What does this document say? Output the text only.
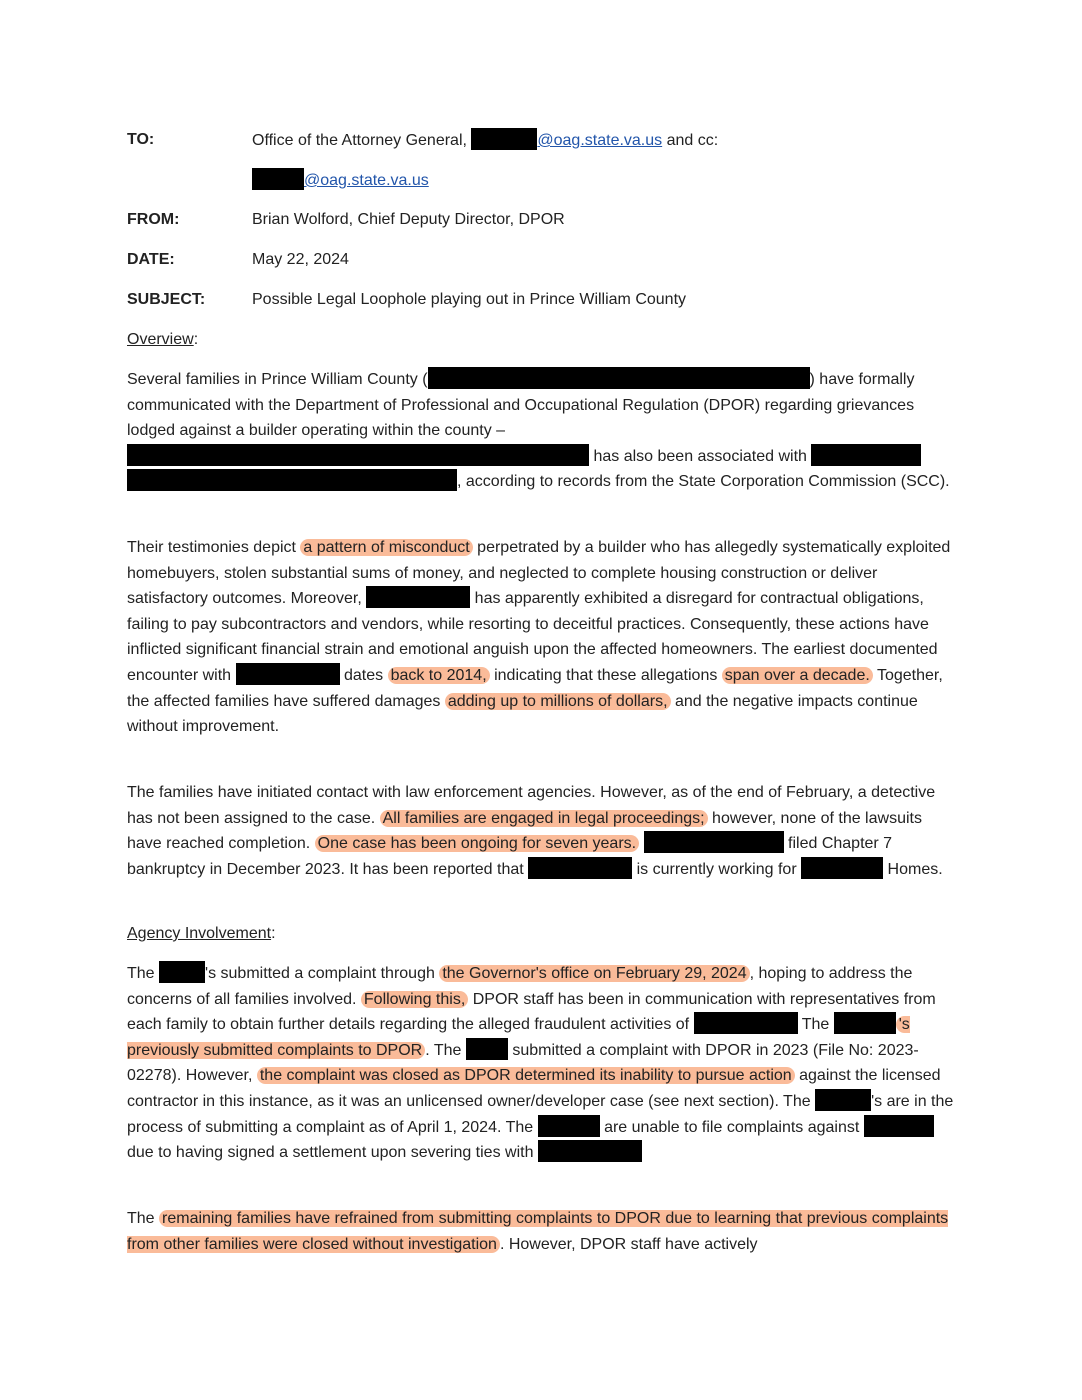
TO:	Office of the Attorney General,	@oag.state.va.us and cc:
@oag.state.va.us
FROM:	Brian Wolford, Chief Deputy Director, DPOR
DATE:	May 22, 2024
SUBJECT:	Possible Legal Loophole playing out in Prince William County
Overview:
Several families in Prince William County (	) have formally communicated with the Department of Professional and Occupational Regulation (DPOR) regarding grievances lodged against a builder operating within the county –  has also been associated with  , according to records from the State Corporation Commission (SCC).
Their testimonies depict a pattern of misconduct perpetrated by a builder who has allegedly systematically exploited homebuyers, stolen substantial sums of money, and neglected to complete housing construction or deliver satisfactory outcomes. Moreover,	has apparently exhibited a disregard for contractual obligations, failing to pay subcontractors and vendors, while resorting to deceitful practices. Consequently, these actions have inflicted significant financial strain and emotional anguish upon the affected homeowners. The earliest documented encounter with	dates back to 2014, indicating that these allegations span over a decade. Together, the affected families have suffered damages adding up to millions of dollars, and the negative impacts continue without improvement.
The families have initiated contact with law enforcement agencies. However, as of the end of February, a detective has not been assigned to the case. All families are engaged in legal proceedings; however, none of the lawsuits have reached completion. One case has been ongoing for seven years.	filed Chapter 7 bankruptcy in December 2023. It has been reported that	is currently working for	Homes.
Agency Involvement:
The	's submitted a complaint through the Governor's office on February 29, 2024 , hoping to address the concerns of all families involved. Following this, DPOR staff has been in communication with representatives from each family to obtain further details regarding the alleged fraudulent activities of	The	's previously submitted complaints to DPOR . The	submitted a complaint with DPOR in 2023 (File No: 2023-02278). However, the complaint was closed as DPOR determined its inability to pursue action against the licensed contractor in this instance, as it was an unlicensed owner/developer case (see next section). The	's are in the process of submitting a complaint as of April 1, 2024. The	are unable to file complaints against  due to having signed a settlement upon severing ties with
The remaining families have refrained from submitting complaints to DPOR due to learning that previous complaints from other families were closed without investigation . However, DPOR staff have actively
